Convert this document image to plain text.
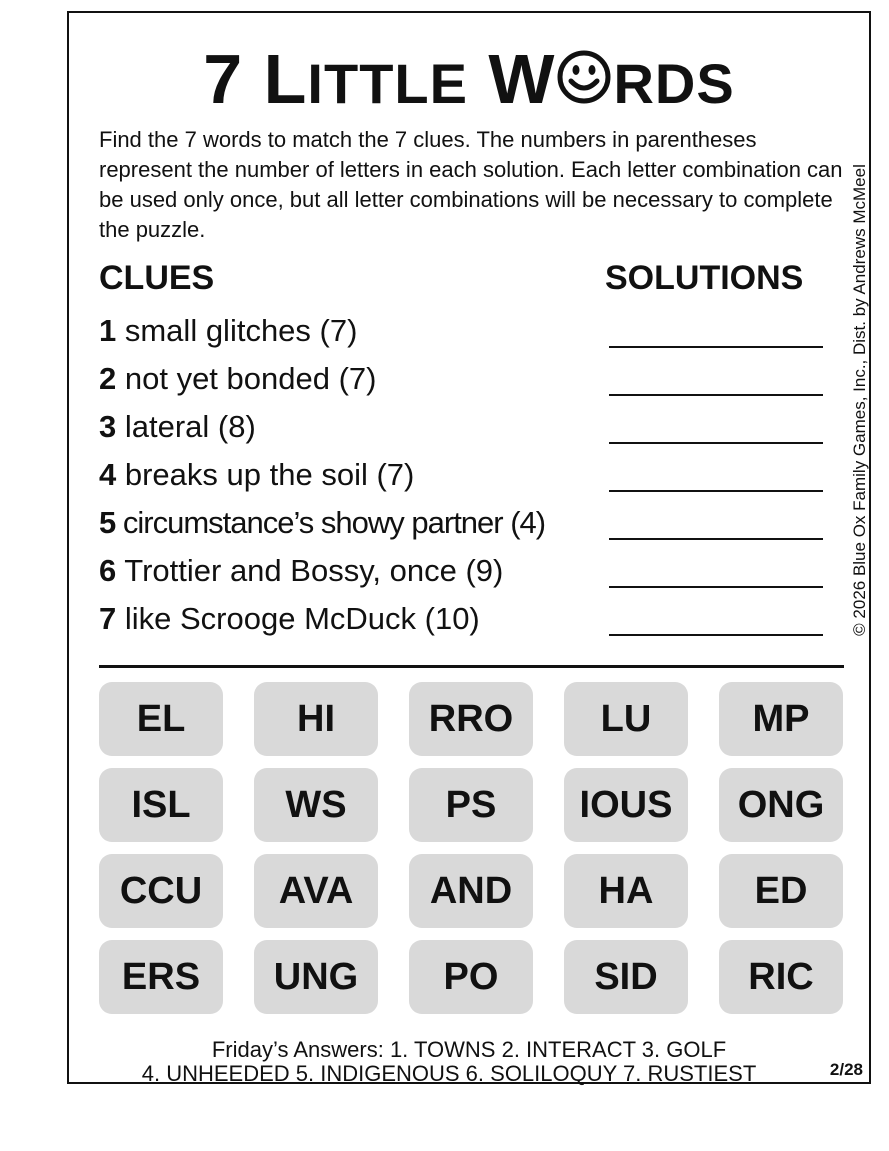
7 LITTLE W RDS
Find the 7 words to match the 7 clues. The numbers in parentheses represent the number of letters in each solution. Each letter combination can be used only once, but all letter combinations will be necessary to complete the puzzle.	© 2026 Blue Ox Family Games, Inc., Dist. by Andrews McMeel
CLUES	SOLUTIONS
1 small glitches (7)
2 not yet bonded (7)
3 lateral (8)
4 breaks up the soil (7)
5 circumstance’s showy partner (4)
6 Trottier and Bossy, once (9)
7 like Scrooge McDuck (10)
EL	HI	RRO	LU	MP
ISL	WS	PS	IOUS	ONG
CCU	AVA	AND	HA	ED
ERS	UNG	PO	SID	RIC
Friday’s Answers: 1. TOWNS 2. INTERACT 3. GOLF
4. UNHEEDED 5. INDIGENOUS 6. SOLILOQUY 7. RUSTIEST	2/28
